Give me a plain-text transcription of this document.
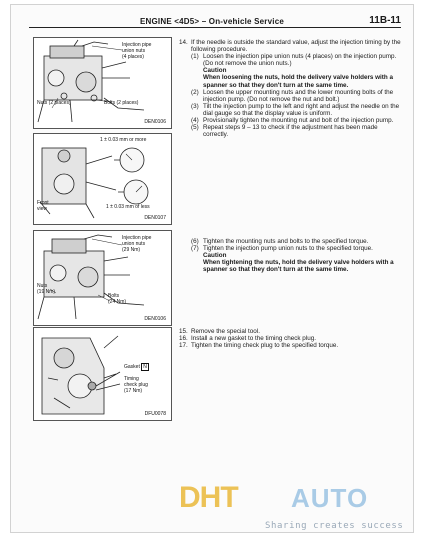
ENGINE <4D5> – On-vehicle Service	11B-11
Injection pipe
union nuts
(4 places)
Nuts (2 places)	Bolts (2 places)
DEN0106
1 ± 0.03 mm or more
1 ± 0.03 mm of less
Front
view
DEN0107
Injection pipe
union nuts
(29 Nm)
Nuts
(19 Nm)
Bolts
(24 Nm)
DEN0106
Gasket N
Timing
check plug
(17 Nm)
DFU0078
14. If the needle is outside the standard value, adjust the injection timing by the following procedure.
(1) Loosen the injection pipe union nuts (4 places) on the injection pump. (Do not remove the union nuts.)
Caution
When loosening the nuts, hold the delivery valve holders with a spanner so that they don't turn at the same time.
(2) Loosen the upper mounting nuts and the lower mounting bolts of the injection pump. (Do not remove the nut and bolt.)
(3) Tilt the injection pump to the left and right and adjust the needle on the dial gauge so that the display value is uniform.
(4) Provisionally tighten the mounting nut and bolt of the injection pump.
(5) Repeat steps 9 – 13 to check if the adjustment has been made correctly.
(6) Tighten the mounting nuts and bolts to the specified torque.
(7) Tighten the injection pump union nuts to the specified torque.
Caution
When tightening the nuts, hold the delivery valve holders with a spanner so that they don't turn at the same time.
15. Remove the special tool.
16. Install a new gasket to the timing check plug.
17. Tighten the timing check plug to the specified torque.
DHT AUTO
Sharing creates success
